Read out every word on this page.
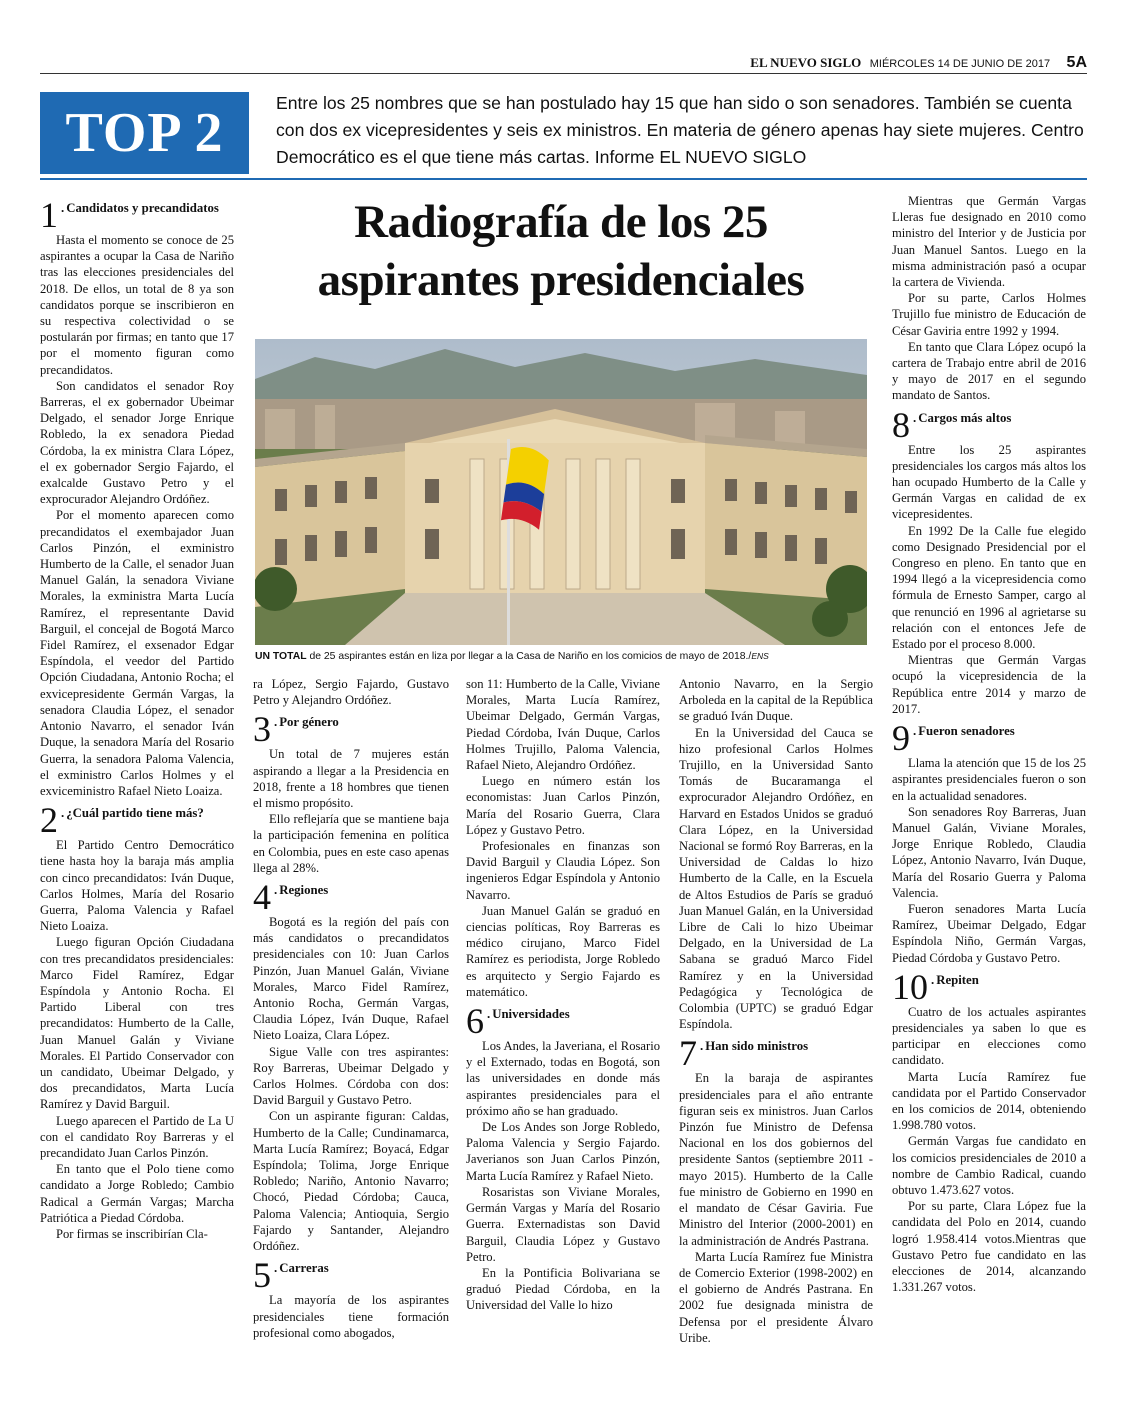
EL NUEVO SIGLO MIÉRCOLES 14 DE JUNIO DE 2017 5A
TOP 2	Entre los 25 nombres que se han postulado hay 15 que han sido o son senadores. También se cuenta con dos ex vicepresidentes y seis ex ministros. En materia de género apenas hay siete mujeres. Centro Democrático es el que tiene más cartas. Informe EL NUEVO SIGLO
1 . Candidatos y precandidatos

Hasta el momento se conoce de 25 aspirantes a ocupar la Casa de Nariño tras las elecciones presidenciales del 2018. De ellos, un total de 8 ya son candidatos porque se inscribieron en su respectiva colectividad o se postularán por firmas; en tanto que 17 por el momento figuran como precandidatos.

Son candidatos el senador Roy Barreras, el ex gobernador Ubeimar Delgado, el senador Jorge Enrique Robledo, la ex senadora Piedad Córdoba, la ex ministra Clara López, el ex gobernador Sergio Fajardo, el exalcalde Gustavo Petro y el exprocurador Alejandro Ordóñez.

Por el momento aparecen como precandidatos el exembajador Juan Carlos Pinzón, el exministro Humberto de la Calle, el senador Juan Manuel Galán, la senadora Viviane Morales, la exministra Marta Lucía Ramírez, el representante David Barguil, el concejal de Bogotá Marco Fidel Ramírez, el exsenador Edgar Espíndola, el veedor del Partido Opción Ciudadana, Antonio Rocha; el exvicepresidente Germán Vargas, la senadora Claudia López, el senador Antonio Navarro, el senador Iván Duque, la senadora María del Rosario Guerra, la senadora Paloma Valencia, el exministro Carlos Holmes y el exviceministro Rafael Nieto Loaiza.

2 . ¿Cuál partido tiene más?

El Partido Centro Democrático tiene hasta hoy la baraja más amplia con cinco precandidatos: Iván Duque, Carlos Holmes, María del Rosario Guerra, Paloma Valencia y Rafael Nieto Loaiza.

Luego figuran Opción Ciudadana con tres precandidatos presidenciales: Marco Fidel Ramírez, Edgar Espíndola y Antonio Rocha. El Partido Liberal con tres precandidatos: Humberto de la Calle, Juan Manuel Galán y Viviane Morales. El Partido Conservador con un candidato, Ubeimar Delgado, y dos precandidatos, Marta Lucía Ramírez y David Barguil.

Luego aparecen el Partido de La U con el candidato Roy Barreras y el precandidato Juan Carlos Pinzón.

En tanto que el Polo tiene como candidato a Jorge Robledo; Cambio Radical a Germán Vargas; Marcha Patriótica a Piedad Córdoba.

Por firmas se inscribirían Cla-

Radiografía de los 25 aspirantes presidenciales
UN TOTAL de 25 aspirantes están en liza por llegar a la Casa de Nariño en los comicios de mayo de 2018./ENS

ra López, Sergio Fajardo, Gustavo Petro y Alejandro Ordóñez.

3 . Por género

Un total de 7 mujeres están aspirando a llegar a la Presidencia en 2018, frente a 18 hombres que tienen el mismo propósito.

Ello reflejaría que se mantiene baja la participación femenina en política en Colombia, pues en este caso apenas llega al 28%.

4 . Regiones

Bogotá es la región del país con más candidatos o precandidatos presidenciales con 10: Juan Carlos Pinzón, Juan Manuel Galán, Viviane Morales, Marco Fidel Ramírez, Antonio Rocha, Germán Vargas, Claudia López, Iván Duque, Rafael Nieto Loaiza, Clara López.

Sigue Valle con tres aspirantes: Roy Barreras, Ubeimar Delgado y Carlos Holmes. Córdoba con dos: David Barguil y Gustavo Petro.

Con un aspirante figuran: Caldas, Humberto de la Calle; Cundinamarca, Marta Lucía Ramírez; Boyacá, Edgar Espíndola; Tolima, Jorge Enrique Robledo; Nariño, Antonio Navarro; Chocó, Piedad Córdoba; Cauca, Paloma Valencia; Antioquia, Sergio Fajardo y Santander, Alejandro Ordóñez.

5 . Carreras

La mayoría de los aspirantes presidenciales tiene formación profesional como abogados,

son 11: Humberto de la Calle, Viviane Morales, Marta Lucía Ramírez, Ubeimar Delgado, Germán Vargas, Piedad Córdoba, Iván Duque, Carlos Holmes Trujillo, Paloma Valencia, Rafael Nieto, Alejandro Ordóñez.

Luego en número están los economistas: Juan Carlos Pinzón, María del Rosario Guerra, Clara López y Gustavo Petro.

Profesionales en finanzas son David Barguil y Claudia López. Son ingenieros Edgar Espíndola y Antonio Navarro.

Juan Manuel Galán se graduó en ciencias políticas, Roy Barreras es médico cirujano, Marco Fidel Ramírez es periodista, Jorge Robledo es arquitecto y Sergio Fajardo es matemático.

6 . Universidades

Los Andes, la Javeriana, el Rosario y el Externado, todas en Bogotá, son las universidades en donde más aspirantes presidenciales para el próximo año se han graduado.

De Los Andes son Jorge Robledo, Paloma Valencia y Sergio Fajardo. Javerianos son Juan Carlos Pinzón, Marta Lucía Ramírez y Rafael Nieto.

Rosaristas son Viviane Morales, Germán Vargas y María del Rosario Guerra. Externadistas son David Barguil, Claudia López y Gustavo Petro.

En la Pontificia Bolivariana se graduó Piedad Córdoba, en la Universidad del Valle lo hizo

Antonio Navarro, en la Sergio Arboleda en la capital de la República se graduó Iván Duque.

En la Universidad del Cauca se hizo profesional Carlos Holmes Trujillo, en la Universidad Santo Tomás de Bucaramanga el exprocurador Alejandro Ordóñez, en Harvard en Estados Unidos se graduó Clara López, en la Universidad Nacional se formó Roy Barreras, en la Universidad de Caldas lo hizo Humberto de la Calle, en la Escuela de Altos Estudios de París se graduó Juan Manuel Galán, en la Universidad Libre de Cali lo hizo Ubeimar Delgado, en la Universidad de La Sabana se graduó Marco Fidel Ramírez y en la Universidad Pedagógica y Tecnológica de Colombia (UPTC) se graduó Edgar Espíndola.

7 . Han sido ministros

En la baraja de aspirantes presidenciales para el año entrante figuran seis ex ministros. Juan Carlos Pinzón fue Ministro de Defensa Nacional en los dos gobiernos del presidente Santos (septiembre 2011 - mayo 2015). Humberto de la Calle fue ministro de Gobierno en 1990 en el mandato de César Gaviria. Fue Ministro del Interior (2000-2001) en la administración de Andrés Pastrana.

Marta Lucía Ramírez fue Ministra de Comercio Exterior (1998-2002) en el gobierno de Andrés Pastrana. En 2002 fue designada ministra de Defensa por el presidente Álvaro Uribe.

Mientras que Germán Vargas Lleras fue designado en 2010 como ministro del Interior y de Justicia por Juan Manuel Santos. Luego en la misma administración pasó a ocupar la cartera de Vivienda.

Por su parte, Carlos Holmes Trujillo fue ministro de Educación de César Gaviria entre 1992 y 1994.

En tanto que Clara López ocupó la cartera de Trabajo entre abril de 2016 y mayo de 2017 en el segundo mandato de Santos.

8 . Cargos más altos

Entre los 25 aspirantes presidenciales los cargos más altos los han ocupado Humberto de la Calle y Germán Vargas en calidad de ex vicepresidentes.

En 1992 De la Calle fue elegido como Designado Presidencial por el Congreso en pleno. En tanto que en 1994 llegó a la vicepresidencia como fórmula de Ernesto Samper, cargo al que renunció en 1996 al agrietarse su relación con el entonces Jefe de Estado por el proceso 8.000.

Mientras que Germán Vargas ocupó la vicepresidencia de la República entre 2014 y marzo de 2017.

9 . Fueron senadores

Llama la atención que 15 de los 25 aspirantes presidenciales fueron o son en la actualidad senadores.

Son senadores Roy Barreras, Juan Manuel Galán, Viviane Morales, Jorge Enrique Robledo, Claudia López, Antonio Navarro, Iván Duque, María del Rosario Guerra y Paloma Valencia.

Fueron senadores Marta Lucía Ramírez, Ubeimar Delgado, Edgar Espíndola Niño, Germán Vargas, Piedad Córdoba y Gustavo Petro.

10 . Repiten

Cuatro de los actuales aspirantes presidenciales ya saben lo que es participar en elecciones como candidato.

Marta Lucía Ramírez fue candidata por el Partido Conservador en los comicios de 2014, obteniendo 1.998.780 votos.

Germán Vargas fue candidato en los comicios presidenciales de 2010 a nombre de Cambio Radical, cuando obtuvo 1.473.627 votos.

Por su parte, Clara López fue la candidata del Polo en 2014, cuando logró 1.958.414 votos.Mientras que Gustavo Petro fue candidato en las elecciones de 2014, alcanzando 1.331.267 votos.
